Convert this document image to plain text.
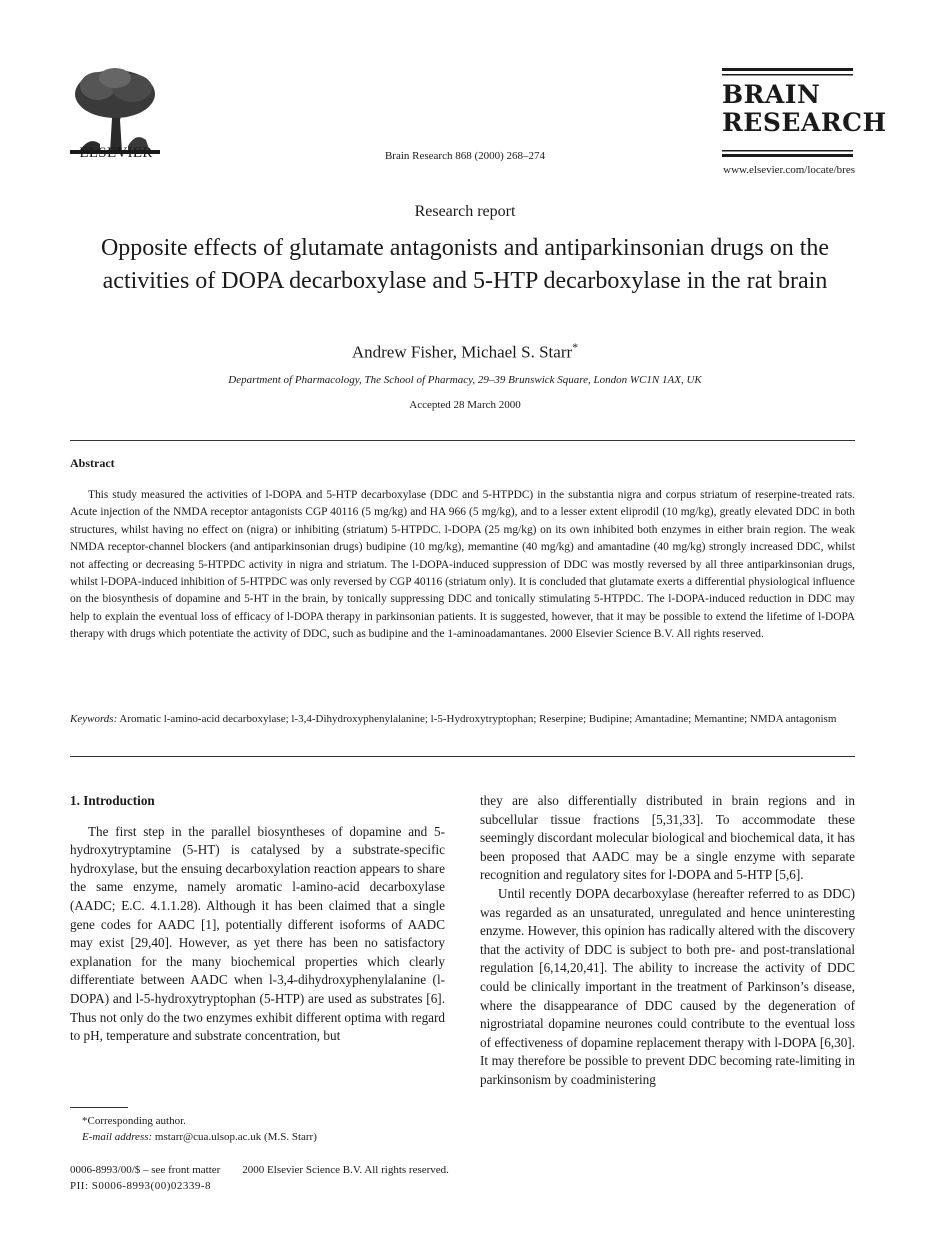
ELSEVIER	Brain Research 868 (2000) 268–274
BRAIN
RESEARCH
www.elsevier.com/locate/bres
Research report
Opposite effects of glutamate antagonists and antiparkinsonian drugs on the activities of DOPA decarboxylase and 5-HTP decarboxylase in the rat brain
Andrew Fisher, Michael S. Starr*
Department of Pharmacology, The School of Pharmacy, 29–39 Brunswick Square, London WC1N 1AX, UK
Accepted 28 March 2000
Abstract
This study measured the activities of l-DOPA and 5-HTP decarboxylase (DDC and 5-HTPDC) in the substantia nigra and corpus striatum of reserpine-treated rats. Acute injection of the NMDA receptor antagonists CGP 40116 (5 mg/kg) and HA 966 (5 mg/kg), and to a lesser extent eliprodil (10 mg/kg), greatly elevated DDC in both structures, whilst having no effect on (nigra) or inhibiting (striatum) 5-HTPDC. l-DOPA (25 mg/kg) on its own inhibited both enzymes in either brain region. The weak NMDA receptor-channel blockers (and antiparkinsonian drugs) budipine (10 mg/kg), memantine (40 mg/kg) and amantadine (40 mg/kg) strongly increased DDC, whilst not affecting or decreasing 5-HTPDC activity in nigra and striatum. The l-DOPA-induced suppression of DDC was mostly reversed by all three antiparkinsonian drugs, whilst l-DOPA-induced inhibition of 5-HTPDC was only reversed by CGP 40116 (striatum only). It is concluded that glutamate exerts a differential physiological influence on the biosynthesis of dopamine and 5-HT in the brain, by tonically suppressing DDC and tonically stimulating 5-HTPDC. The l-DOPA-induced reduction in DDC may help to explain the eventual loss of efficacy of l-DOPA therapy in parkinsonian patients. It is suggested, however, that it may be possible to extend the lifetime of l-DOPA therapy with drugs which potentiate the activity of DDC, such as budipine and the 1-aminoadamantanes. 2000 Elsevier Science B.V. All rights reserved.
Keywords: Aromatic l-amino-acid decarboxylase; l-3,4-Dihydroxyphenylalanine; l-5-Hydroxytryptophan; Reserpine; Budipine; Amantadine; Memantine; NMDA antagonism

1. Introduction

The first step in the parallel biosyntheses of dopamine and 5-hydroxytryptamine (5-HT) is catalysed by a substrate-specific hydroxylase, but the ensuing decarboxylation reaction appears to share the same enzyme, namely aromatic l-amino-acid decarboxylase (AADC; E.C. 4.1.1.28). Although it has been claimed that a single gene codes for AADC [1], potentially different isoforms of AADC may exist [29,40]. However, as yet there has been no satisfactory explanation for the many biochemical properties which clearly differentiate between AADC when l-3,4-dihydroxyphenylalanine (l-DOPA) and l-5-hydroxytryptophan (5-HTP) are used as substrates [6]. Thus not only do the two enzymes exhibit different optima with regard to pH, temperature and substrate concentration, but

they are also differentially distributed in brain regions and in subcellular tissue fractions [5,31,33]. To accommodate these seemingly discordant molecular biological and biochemical data, it has been proposed that AADC may be a single enzyme with separate recognition and regulatory sites for l-DOPA and 5-HTP [5,6].

Until recently DOPA decarboxylase (hereafter referred to as DDC) was regarded as an unsaturated, unregulated and hence uninteresting enzyme. However, this opinion has radically altered with the discovery that the activity of DDC is subject to both pre- and post-translational regulation [6,14,20,41]. The ability to increase the activity of DDC could be clinically important in the treatment of Parkinson’s disease, where the disappearance of DDC caused by the degeneration of nigrostriatal dopamine neurones could contribute to the eventual loss of effectiveness of dopamine replacement therapy with l-DOPA [6,30]. It may therefore be possible to prevent DDC becoming rate-limiting in parkinsonism by coadministering

*Corresponding author.
E-mail address: mstarr@cua.ulsop.ac.uk (M.S. Starr)
0006-8993/00/$ – see front matter        2000 Elsevier Science B.V. All rights reserved.
PII: S0006-8993(00)02339-8
